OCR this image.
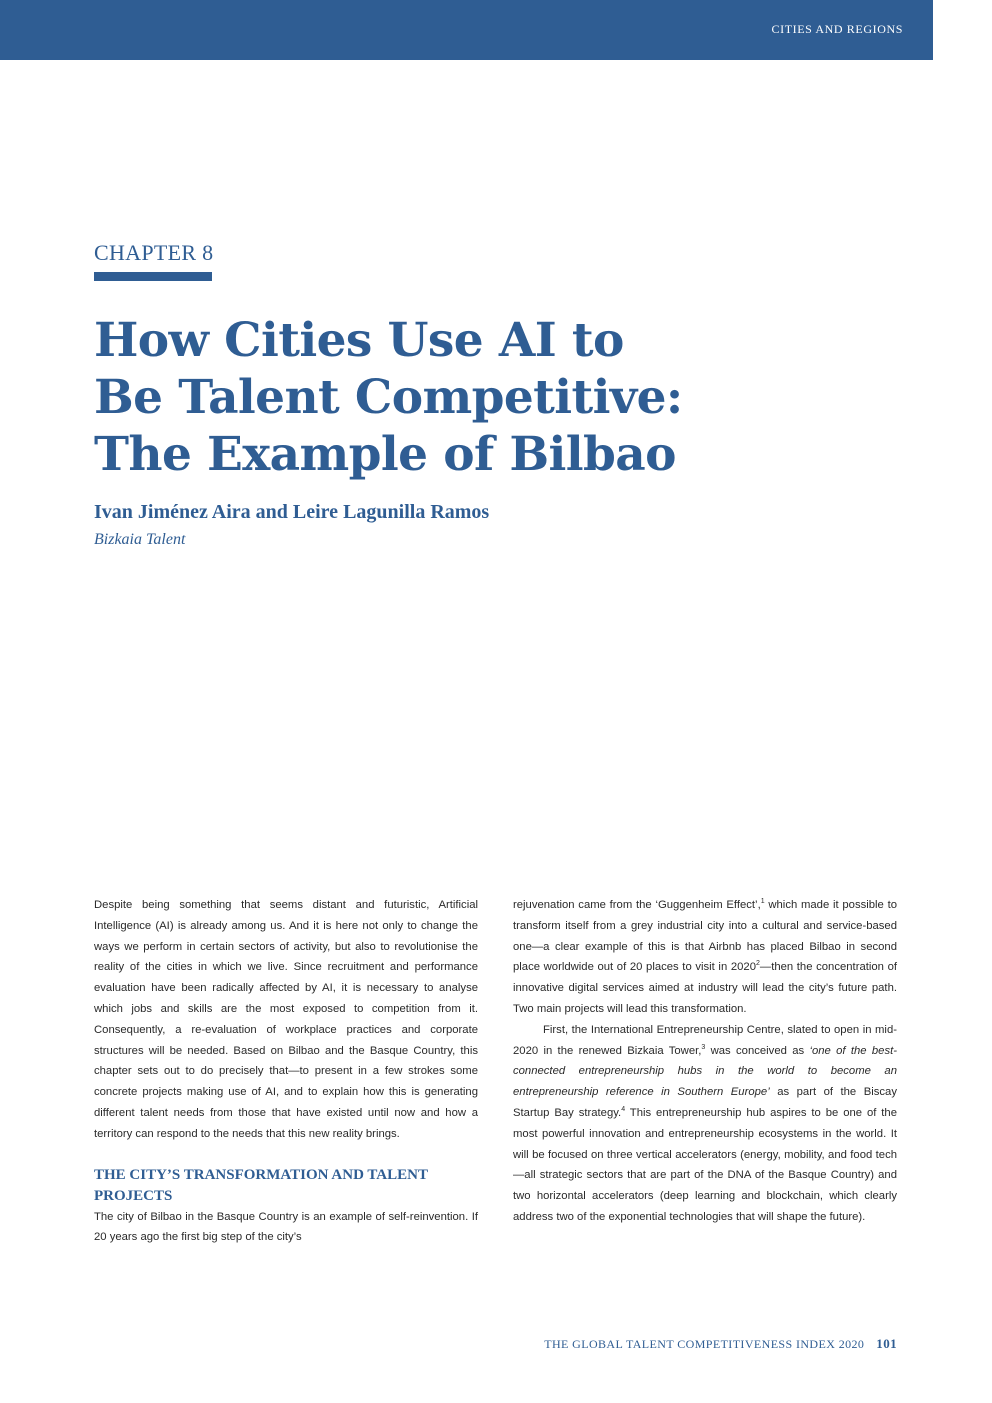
CITIES AND REGIONS
CHAPTER 8
How Cities Use AI to
Be Talent Competitive:
The Example of Bilbao
Ivan Jiménez Aira and Leire Lagunilla Ramos
Bizkaia Talent

Despite being something that seems distant and futuristic, Artificial Intelligence (AI) is already among us. And it is here not only to change the ways we perform in certain sectors of activity, but also to revolutionise the reality of the cities in which we live. Since recruitment and performance evaluation have been radically affected by AI, it is necessary to analyse which jobs and skills are the most exposed to competition from it. Consequently, a re-evaluation of workplace practices and corporate structures will be needed. Based on Bilbao and the Basque Country, this chapter sets out to do precisely that—to present in a few strokes some concrete projects making use of AI, and to explain how this is generating different talent needs from those that have existed until now and how a territory can respond to the needs that this new reality brings.

THE CITY’S TRANSFORMATION AND TALENT PROJECTS

The city of Bilbao in the Basque Country is an example of self-reinvention. If 20 years ago the first big step of the city’s

rejuvenation came from the ‘Guggenheim Effect’,$^1$ which made it possible to transform itself from a grey industrial city into a cultural and service-based one—a clear example of this is that Airbnb has placed Bilbao in second place worldwide out of 20 places to visit in 2020$^2$—then the concentration of innovative digital services aimed at industry will lead the city’s future path. Two main projects will lead this transformation.

First, the International Entrepreneurship Centre, slated to open in mid-2020 in the renewed Bizkaia Tower,$^3$ was conceived as ‘one of the best-connected entrepreneurship hubs in the world to become an entrepreneurship reference in Southern Europe’ as part of the Biscay Startup Bay strategy.$^4$ This entrepreneurship hub aspires to be one of the most powerful innovation and entrepreneurship ecosystems in the world. It will be focused on three vertical accelerators (energy, mobility, and food tech—all strategic sectors that are part of the DNA of the Basque Country) and two horizontal accelerators (deep learning and blockchain, which clearly address two of the exponential technologies that will shape the future).

THE GLOBAL TALENT COMPETITIVENESS INDEX 2020 101
